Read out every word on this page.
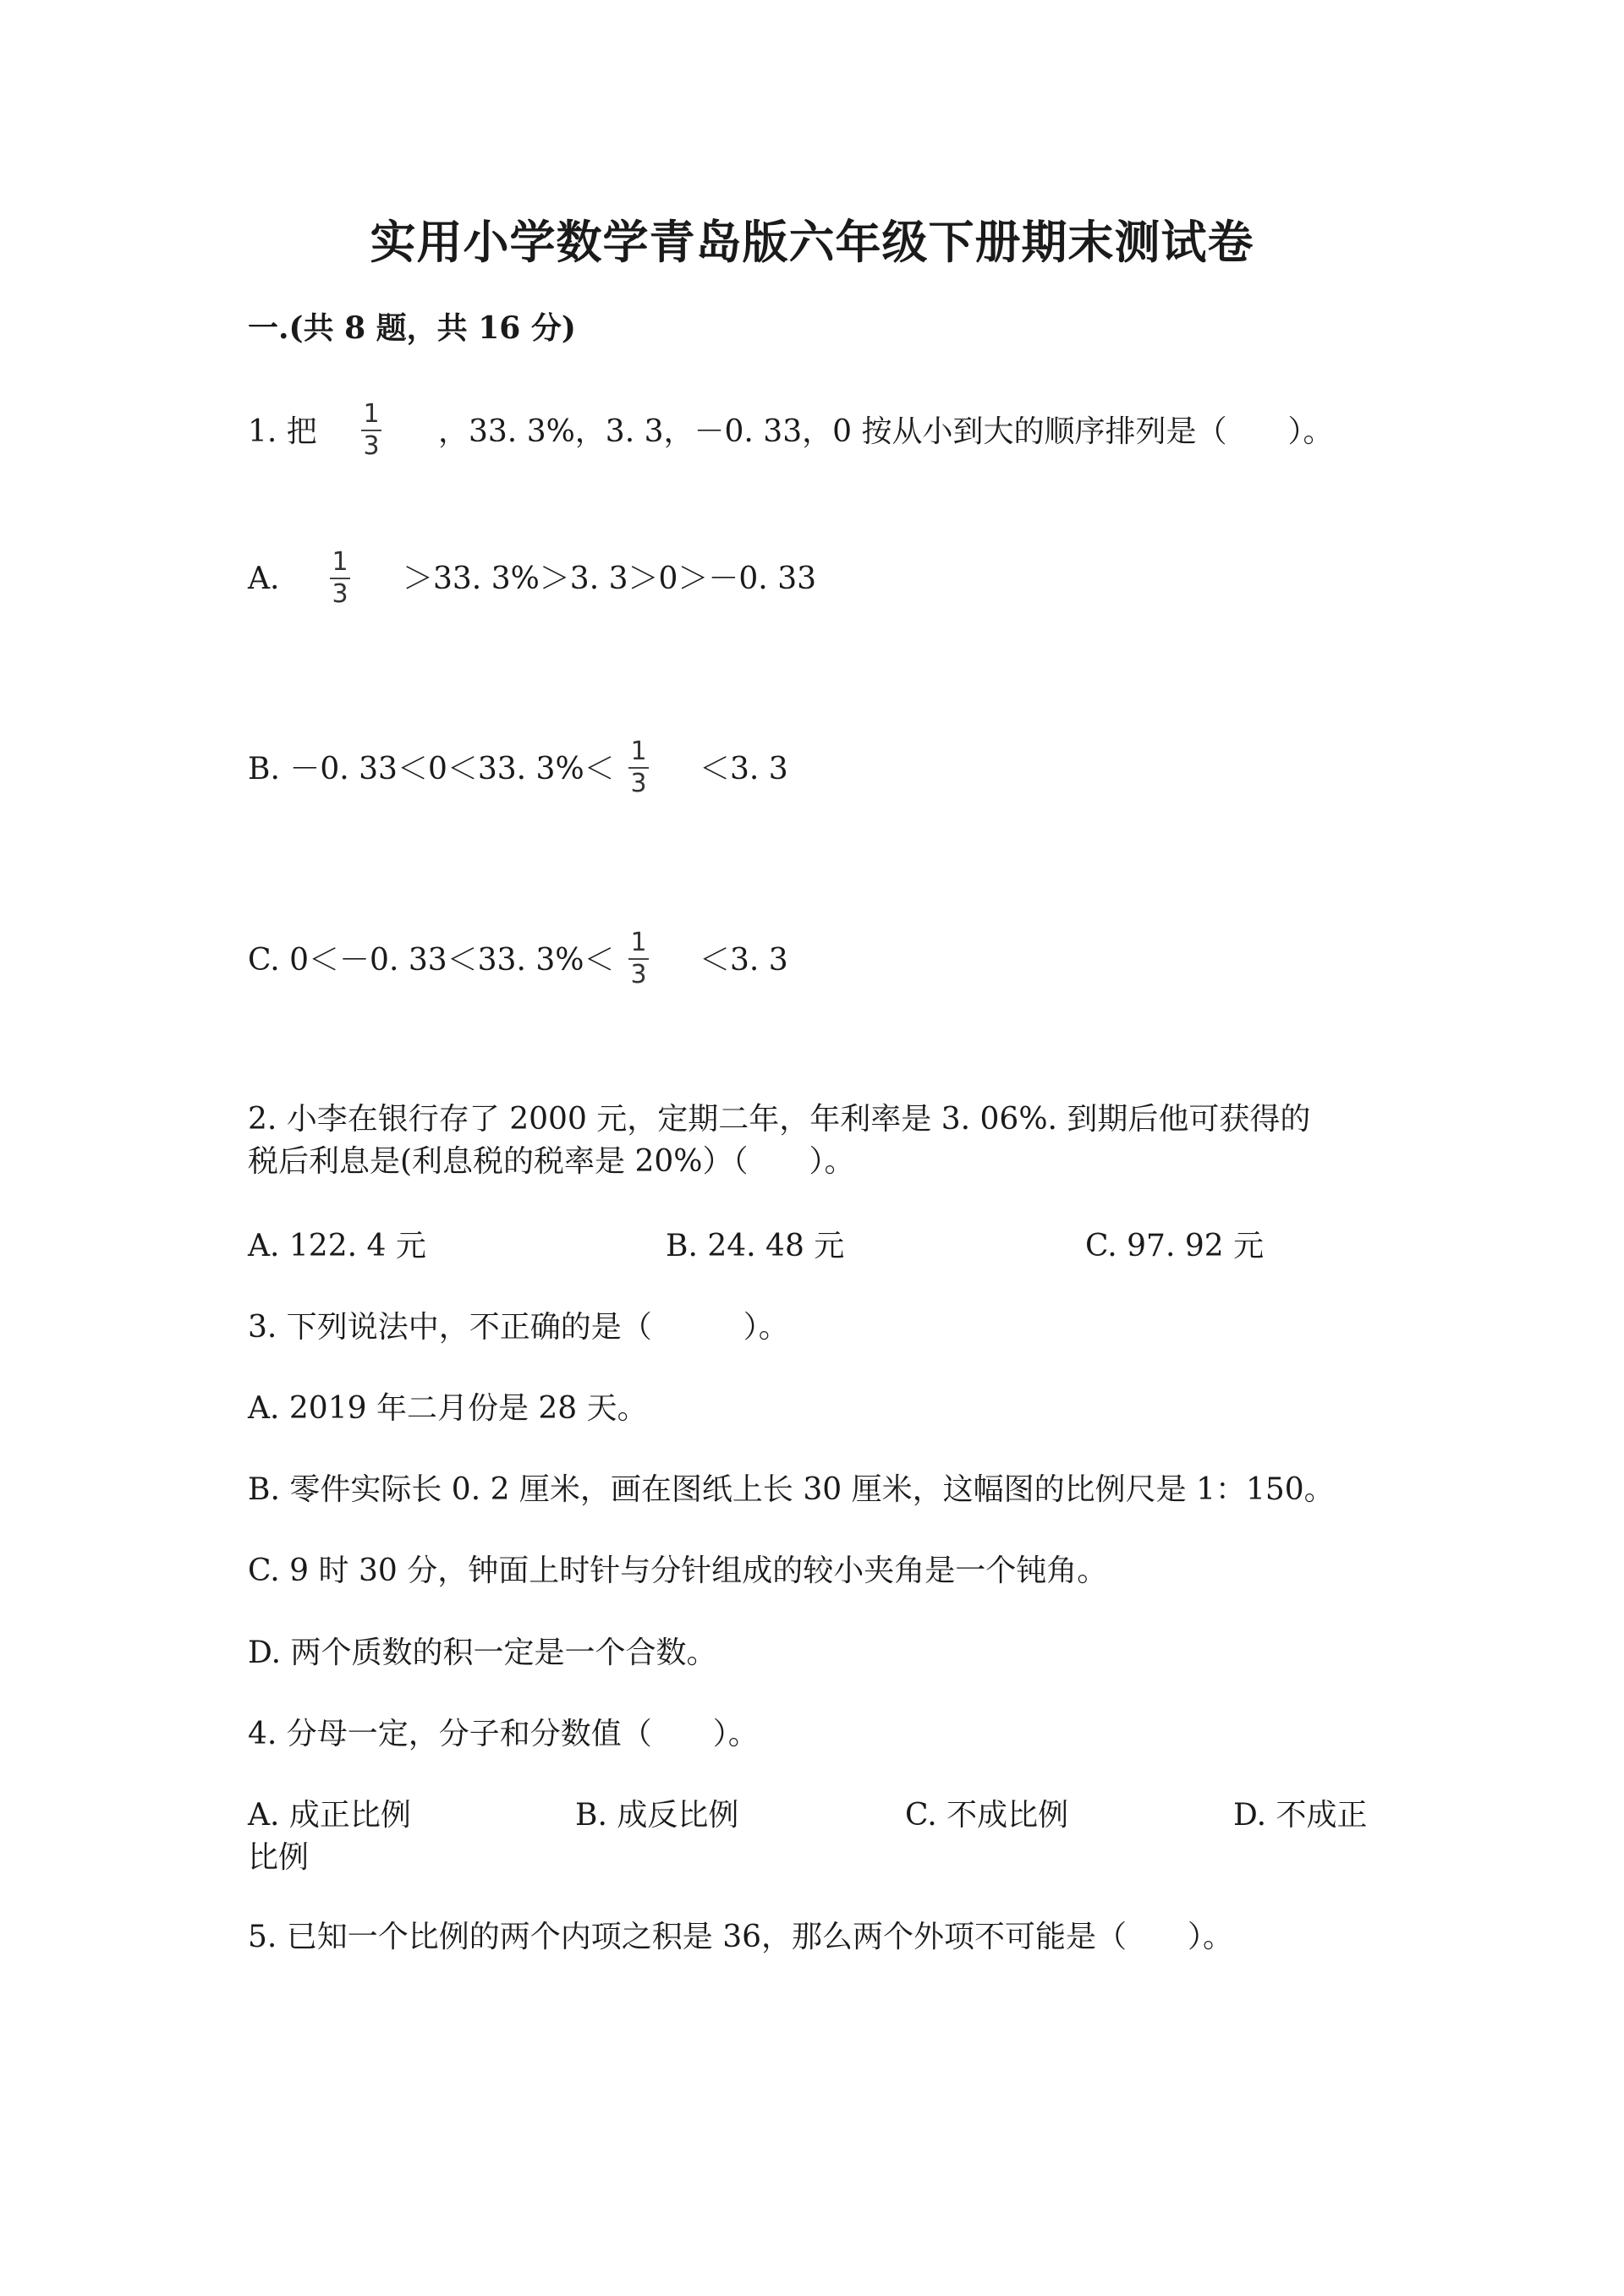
实用小学数学青岛版六年级下册期末测试卷
一.(共 8 题，共 16 分)
1. 把
1
3 ，33. 3%，3. 3，－0. 33，0 按从小到大的顺序排列是（　　）。
A. 1
3 ＞33. 3%＞3. 3＞0＞－0. 33
B. －0. 33＜0＜33. 3%＜
1
3 ＜3. 3
C. 0＜－0. 33＜33. 3%＜
1
3 ＜3. 3
2. 小李在银行存了 2000 元，定期二年，年利率是 3. 06%. 到期后他可获得的
税后利息是(利息税的税率是 20%）（　　）。
A. 122. 4 元	B. 24. 48 元	C. 97. 92 元
3. 下列说法中，不正确的是（　　　）。
A. 2019 年二月份是 28 天。
B. 零件实际长 0. 2 厘米，画在图纸上长 30 厘米，这幅图的比例尺是 1：150。
C. 9 时 30 分，钟面上时针与分针组成的较小夹角是一个钝角。
D. 两个质数的积一定是一个合数。
4. 分母一定，分子和分数值（　　）。
A. 成正比例	B. 成反比例	C. 不成比例	D. 不成正
比例
5. 已知一个比例的两个内项之积是 36，那么两个外项不可能是（　　）。
